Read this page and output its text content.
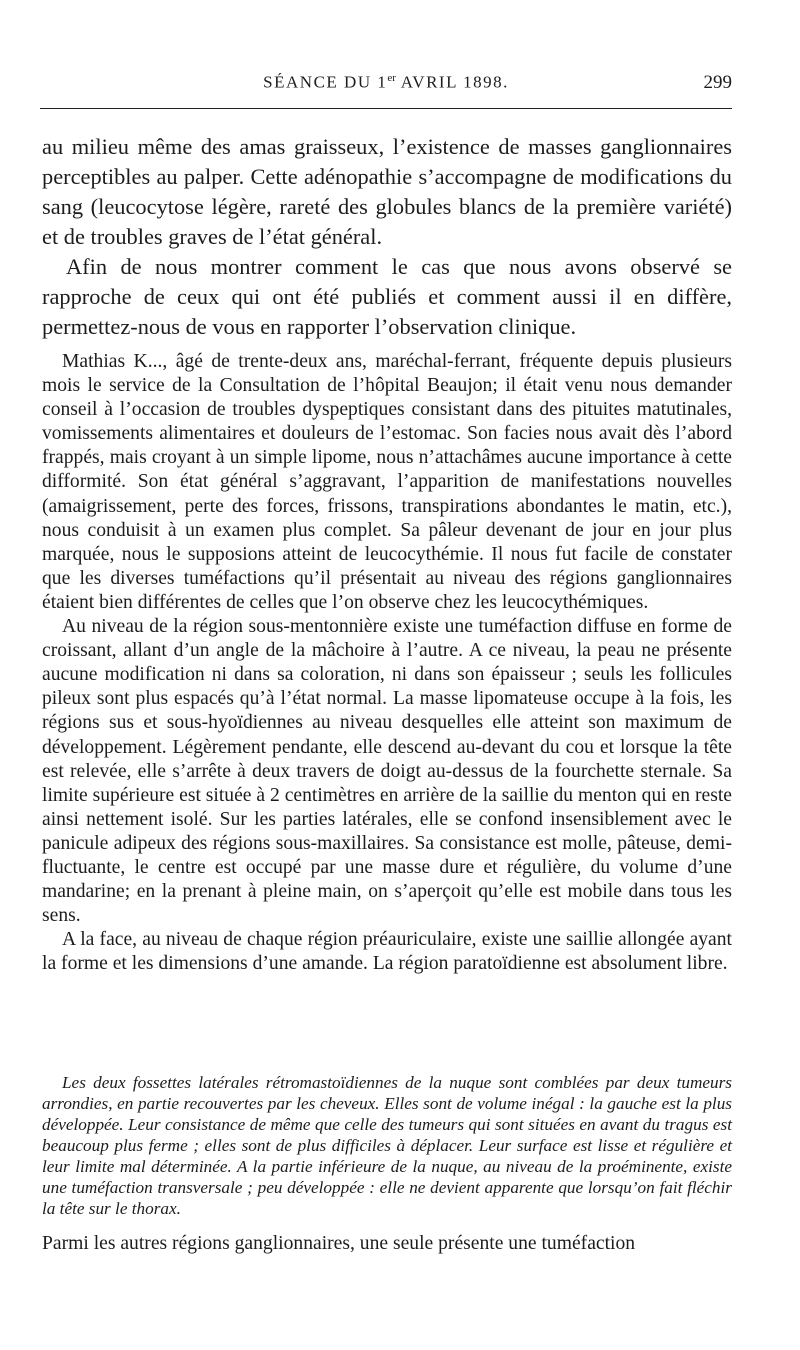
SÉANCE DU 1er AVRIL 1898.	299

au milieu même des amas graisseux, l’existence de masses ganglionnaires perceptibles au palper. Cette adénopathie s’accompagne de modifications du sang (leucocytose légère, rareté des globules blancs de la première variété) et de troubles graves de l’état général.

Afin de nous montrer comment le cas que nous avons observé se rapproche de ceux qui ont été publiés et comment aussi il en diffère, permettez-nous de vous en rapporter l’observation clinique.

Mathias K..., âgé de trente-deux ans, maréchal-ferrant, fréquente depuis plusieurs mois le service de la Consultation de l’hôpital Beaujon; il était venu nous demander conseil à l’occasion de troubles dyspeptiques consistant dans des pituites matutinales, vomissements alimentaires et douleurs de l’estomac. Son facies nous avait dès l’abord frappés, mais croyant à un simple lipome, nous n’attachâmes aucune importance à cette difformité. Son état général s’aggravant, l’apparition de manifestations nouvelles (amaigrissement, perte des forces, frissons, transpirations abondantes le matin, etc.), nous conduisit à un examen plus complet. Sa pâleur devenant de jour en jour plus marquée, nous le supposions atteint de leucocythémie. Il nous fut facile de constater que les diverses tuméfactions qu’il présentait au niveau des régions ganglionnaires étaient bien différentes de celles que l’on observe chez les leucocythémiques.

Au niveau de la région sous-mentonnière existe une tuméfaction diffuse en forme de croissant, allant d’un angle de la mâchoire à l’autre. A ce niveau, la peau ne présente aucune modification ni dans sa coloration, ni dans son épaisseur ; seuls les follicules pileux sont plus espacés qu’à l’état normal. La masse lipomateuse occupe à la fois, les régions sus et sous-hyoïdiennes au niveau desquelles elle atteint son maximum de développement. Légèrement pendante, elle descend au-devant du cou et lorsque la tête est relevée, elle s’arrête à deux travers de doigt au-dessus de la fourchette sternale. Sa limite supérieure est située à 2 centimètres en arrière de la saillie du menton qui en reste ainsi nettement isolé. Sur les parties latérales, elle se confond insensiblement avec le panicule adipeux des régions sous-maxillaires. Sa consistance est molle, pâteuse, demi-fluctuante, le centre est occupé par une masse dure et régulière, du volume d’une mandarine; en la prenant à pleine main, on s’aperçoit qu’elle est mobile dans tous les sens.

A la face, au niveau de chaque région préauriculaire, existe une saillie allongée ayant la forme et les dimensions d’une amande. La région paratoïdienne est absolument libre.

Les deux fossettes latérales rétromastoïdiennes de la nuque sont comblées par deux tumeurs arrondies, en partie recouvertes par les cheveux. Elles sont de volume inégal : la gauche est la plus développée. Leur consistance de même que celle des tumeurs qui sont situées en avant du tragus est beaucoup plus ferme ; elles sont de plus difficiles à déplacer. Leur surface est lisse et régulière et leur limite mal déterminée. A la partie inférieure de la nuque, au niveau de la proéminente, existe une tuméfaction transversale ; peu développée : elle ne devient apparente que lorsqu’on fait fléchir la tête sur le thorax.

Parmi les autres régions ganglionnaires, une seule présente une tuméfaction
